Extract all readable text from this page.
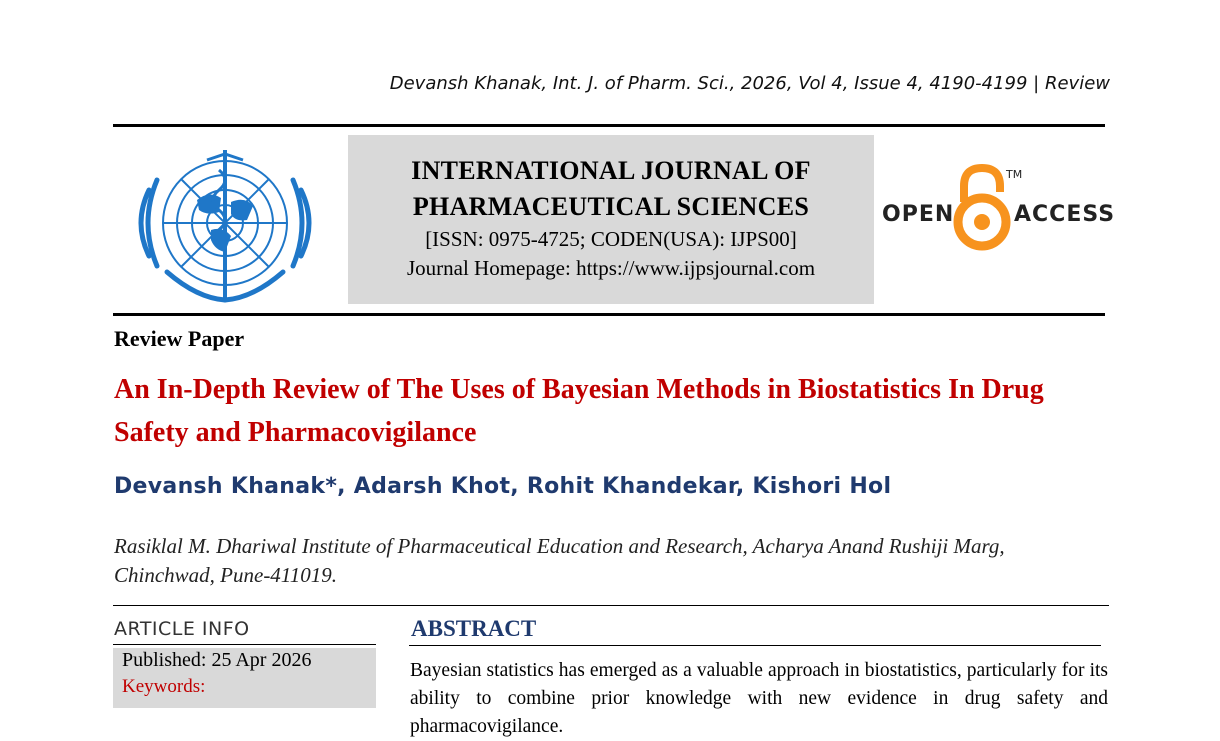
Devansh Khanak, Int. J. of Pharm. Sci., 2026, Vol 4, Issue 4, 4190-4199 | Review
INTERNATIONAL JOURNAL OF
PHARMACEUTICAL SCIENCES
[ISSN: 0975-4725; CODEN(USA): IJPS00]
Journal Homepage: https://www.ijpsjournal.com
OPEN
TM
ACCESS
Review Paper
An In-Depth Review of The Uses of Bayesian Methods in Biostatistics In Drug Safety and Pharmacovigilance
Devansh Khanak*, Adarsh Khot, Rohit Khandekar, Kishori Hol
Rasiklal M. Dhariwal Institute of Pharmaceutical Education and Research, Acharya Anand Rushiji Marg, Chinchwad, Pune-411019.
ARTICLE INFO
Published: 25 Apr 2026
Keywords:
ABSTRACT
Bayesian statistics has emerged as a valuable approach in biostatistics, particularly for its ability to combine prior knowledge with new evidence in drug safety and pharmacovigilance.
